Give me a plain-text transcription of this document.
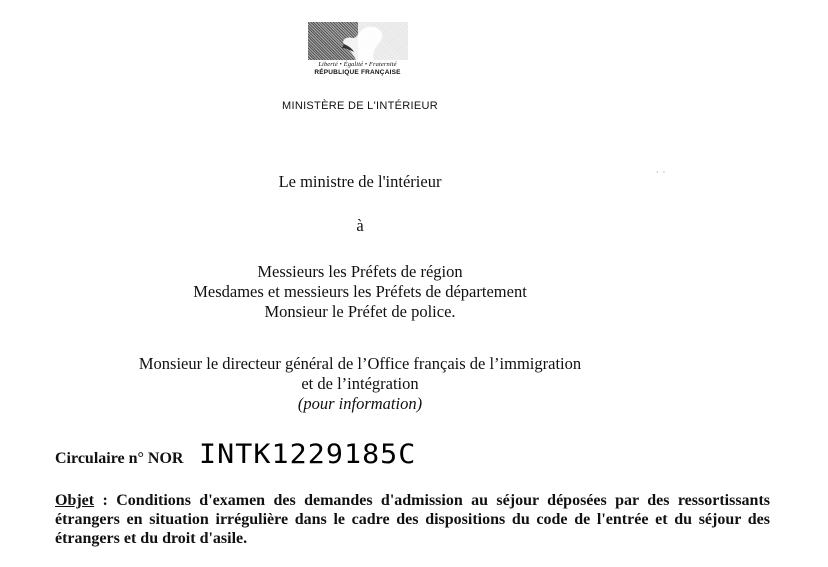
Liberté • Égalité • Fraternité
RÉPUBLIQUE FRANÇAISE
MINISTÈRE DE L'INTÉRIEUR
· ·
Le ministre de l'intérieur
à
Messieurs les Préfets de région
Mesdames et messieurs les Préfets de département
Monsieur le Préfet de police.
Monsieur le directeur général de l’Office français de l’immigration
et de l’intégration
(pour information)
Circulaire n° NOR INTK1229185C
Objet : Conditions d'examen des demandes d'admission au séjour déposées par des ressortissants étrangers en situation irrégulière dans le cadre des dispositions du code de l'entrée et du séjour des étrangers et du droit d'asile.
